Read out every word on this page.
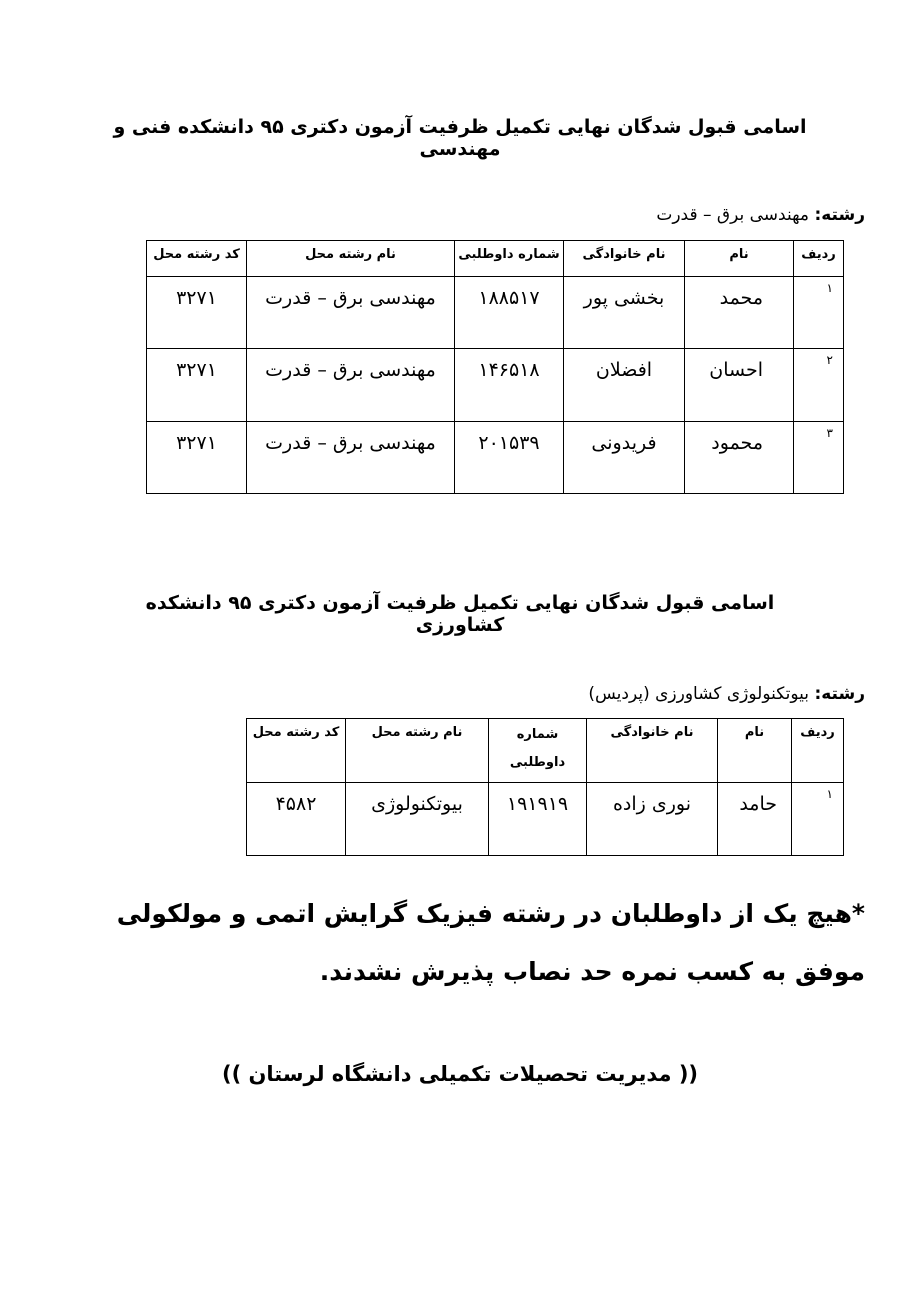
اسامی قبول شدگان نهایی تکمیل ظرفیت آزمون دکتری ۹۵ دانشکده فنی و مهندسی
رشته: مهندسی برق – قدرت
ردیف	نام	نام خانوادگی	شماره داوطلبی	نام رشته محل	کد رشته محل
۱	محمد	بخشی پور	۱۸۸۵۱۷	مهندسی برق – قدرت	۳۲۷۱
۲	احسان	افضلان	۱۴۶۵۱۸	مهندسی برق – قدرت	۳۲۷۱
۳	محمود	فریدونی	۲۰۱۵۳۹	مهندسی برق – قدرت	۳۲۷۱
اسامی قبول شدگان نهایی تکمیل ظرفیت آزمون دکتری ۹۵ دانشکده کشاورزی
رشته: بیوتکنولوژی کشاورزی (پردیس)
ردیف	نام	نام خانوادگی	شماره داوطلبی	نام رشته محل	کد رشته محل
۱	حامد	نوری زاده	۱۹۱۹۱۹	بیوتکنولوژی	۴۵۸۲
*هیچ یک از داوطلبان در رشته فیزیک گرایش اتمی و مولکولی موفق به کسب نمره حد نصاب پذیرش نشدند.
(( مدیریت تحصیلات تکمیلی دانشگاه لرستان ))
